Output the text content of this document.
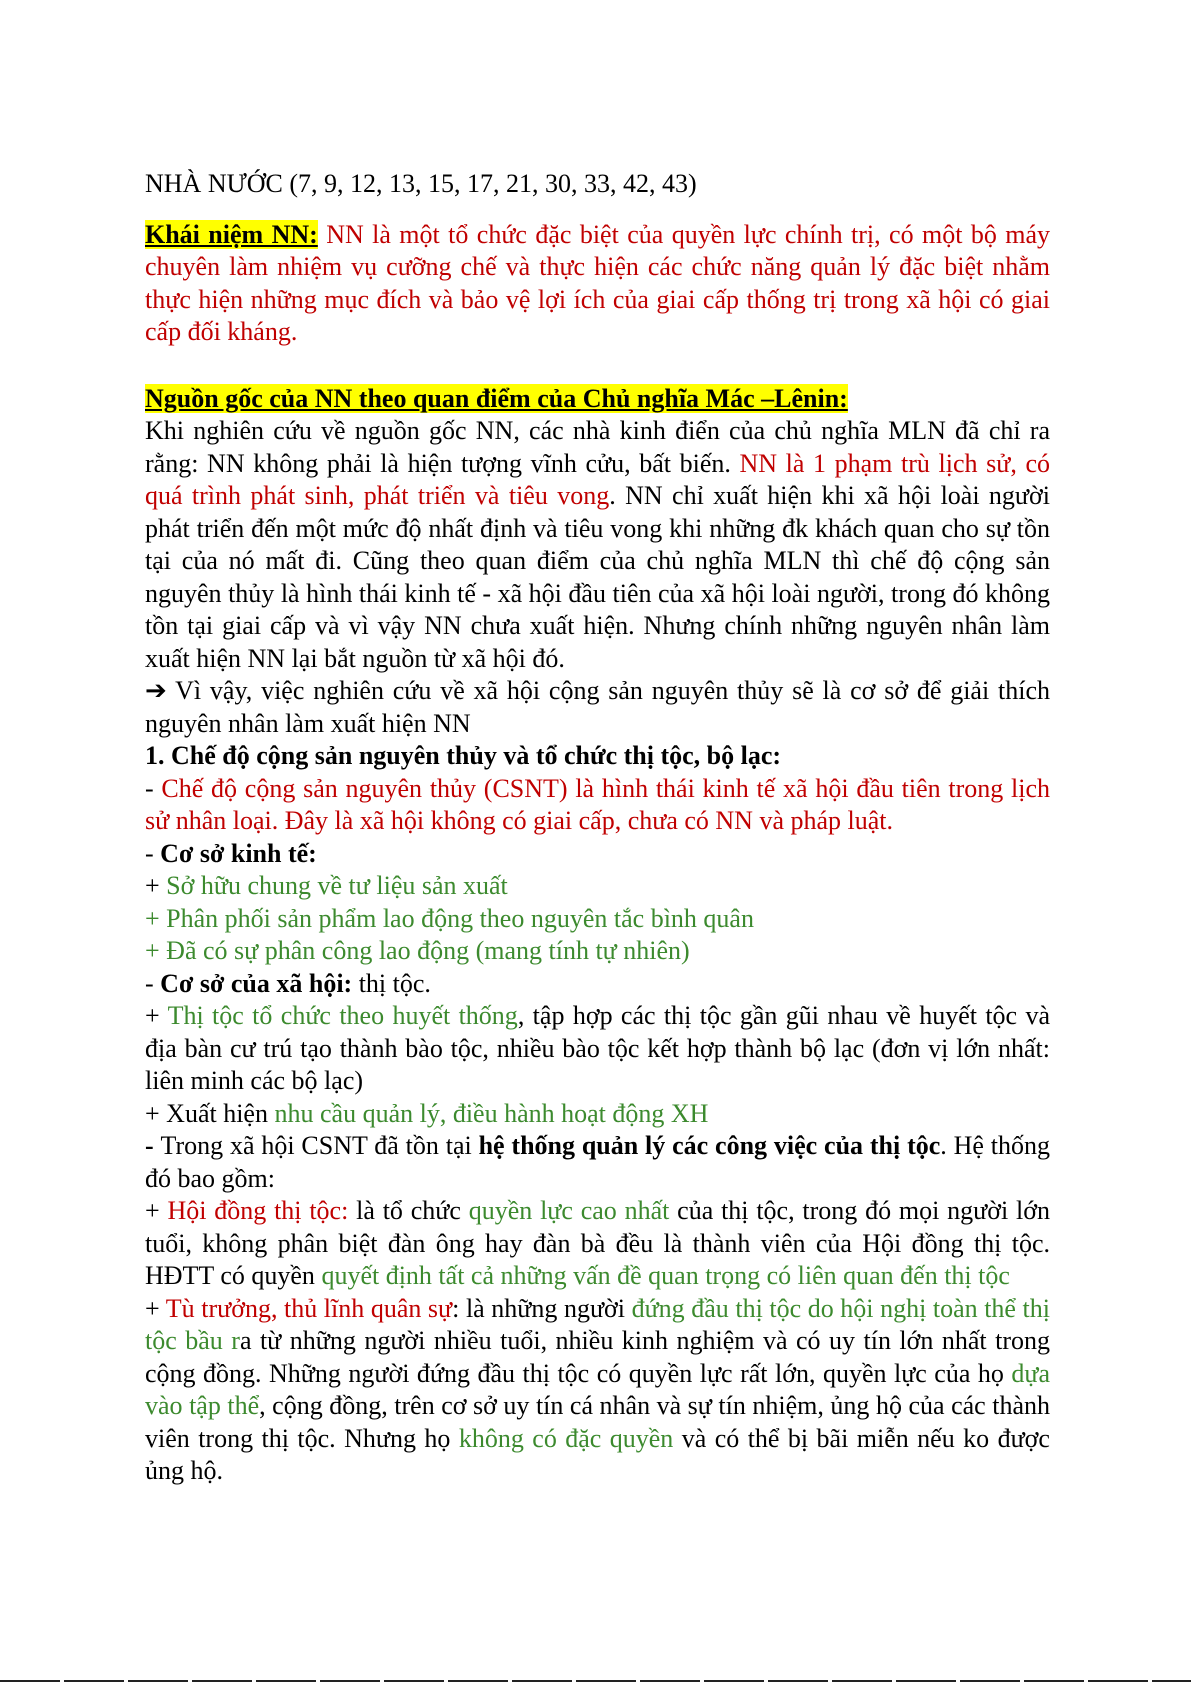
NHÀ NƯỚC (7, 9, 12, 13, 15, 17, 21, 30, 33, 42, 43)

Khái niệm NN: NN là một tổ chức đặc biệt của quyền lực chính trị, có một bộ máy chuyên làm nhiệm vụ cưỡng chế và thực hiện các chức năng quản lý đặc biệt nhằm thực hiện những mục đích và bảo vệ lợi ích của giai cấp thống trị trong xã hội có giai cấp đối kháng.

Nguồn gốc của NN theo quan điểm của Chủ nghĩa Mác –Lênin:

Khi nghiên cứu về nguồn gốc NN, các nhà kinh điển của chủ nghĩa MLN đã chỉ ra rằng: NN không phải là hiện tượng vĩnh cửu, bất biến. NN là 1 phạm trù lịch sử, có quá trình phát sinh, phát triển và tiêu vong. NN chỉ xuất hiện khi xã hội loài người phát triển đến một mức độ nhất định và tiêu vong khi những đk khách quan cho sự tồn tại của nó mất đi. Cũng theo quan điểm của chủ nghĩa MLN thì chế độ cộng sản nguyên thủy là hình thái kinh tế - xã hội đầu tiên của xã hội loài người, trong đó không tồn tại giai cấp và vì vậy NN chưa xuất hiện. Nhưng chính những nguyên nhân làm xuất hiện NN lại bắt nguồn từ xã hội đó.

➔ Vì vậy, việc nghiên cứu về xã hội cộng sản nguyên thủy sẽ là cơ sở để giải thích nguyên nhân làm xuất hiện NN

1. Chế độ cộng sản nguyên thủy và tổ chức thị tộc, bộ lạc:

- Chế độ cộng sản nguyên thủy (CSNT) là hình thái kinh tế xã hội đầu tiên trong lịch sử nhân loại. Đây là xã hội không có giai cấp, chưa có NN và pháp luật.

- Cơ sở kinh tế:

+ Sở hữu chung về tư liệu sản xuất

+ Phân phối sản phẩm lao động theo nguyên tắc bình quân

+ Đã có sự phân công lao động (mang tính tự nhiên)

- Cơ sở của xã hội: thị tộc.

+ Thị tộc tổ chức theo huyết thống, tập hợp các thị tộc gần gũi nhau về huyết tộc và địa bàn cư trú tạo thành bào tộc, nhiều bào tộc kết hợp thành bộ lạc (đơn vị lớn nhất: liên minh các bộ lạc)

+ Xuất hiện nhu cầu quản lý, điều hành hoạt động XH

- Trong xã hội CSNT đã tồn tại hệ thống quản lý các công việc của thị tộc. Hệ thống đó bao gồm:

+ Hội đồng thị tộc: là tổ chức quyền lực cao nhất của thị tộc, trong đó mọi người lớn tuổi, không phân biệt đàn ông hay đàn bà đều là thành viên của Hội đồng thị tộc. HĐTT có quyền quyết định tất cả những vấn đề quan trọng có liên quan đến thị tộc

+ Tù trưởng, thủ lĩnh quân sự: là những người đứng đầu thị tộc do hội nghị toàn thể thị tộc bầu ra từ những người nhiều tuổi, nhiều kinh nghiệm và có uy tín lớn nhất trong cộng đồng. Những người đứng đầu thị tộc có quyền lực rất lớn, quyền lực của họ dựa vào tập thể, cộng đồng, trên cơ sở uy tín cá nhân và sự tín nhiệm, ủng hộ của các thành viên trong thị tộc. Nhưng họ không có đặc quyền và có thể bị bãi miễn nếu ko được ủng hộ.
